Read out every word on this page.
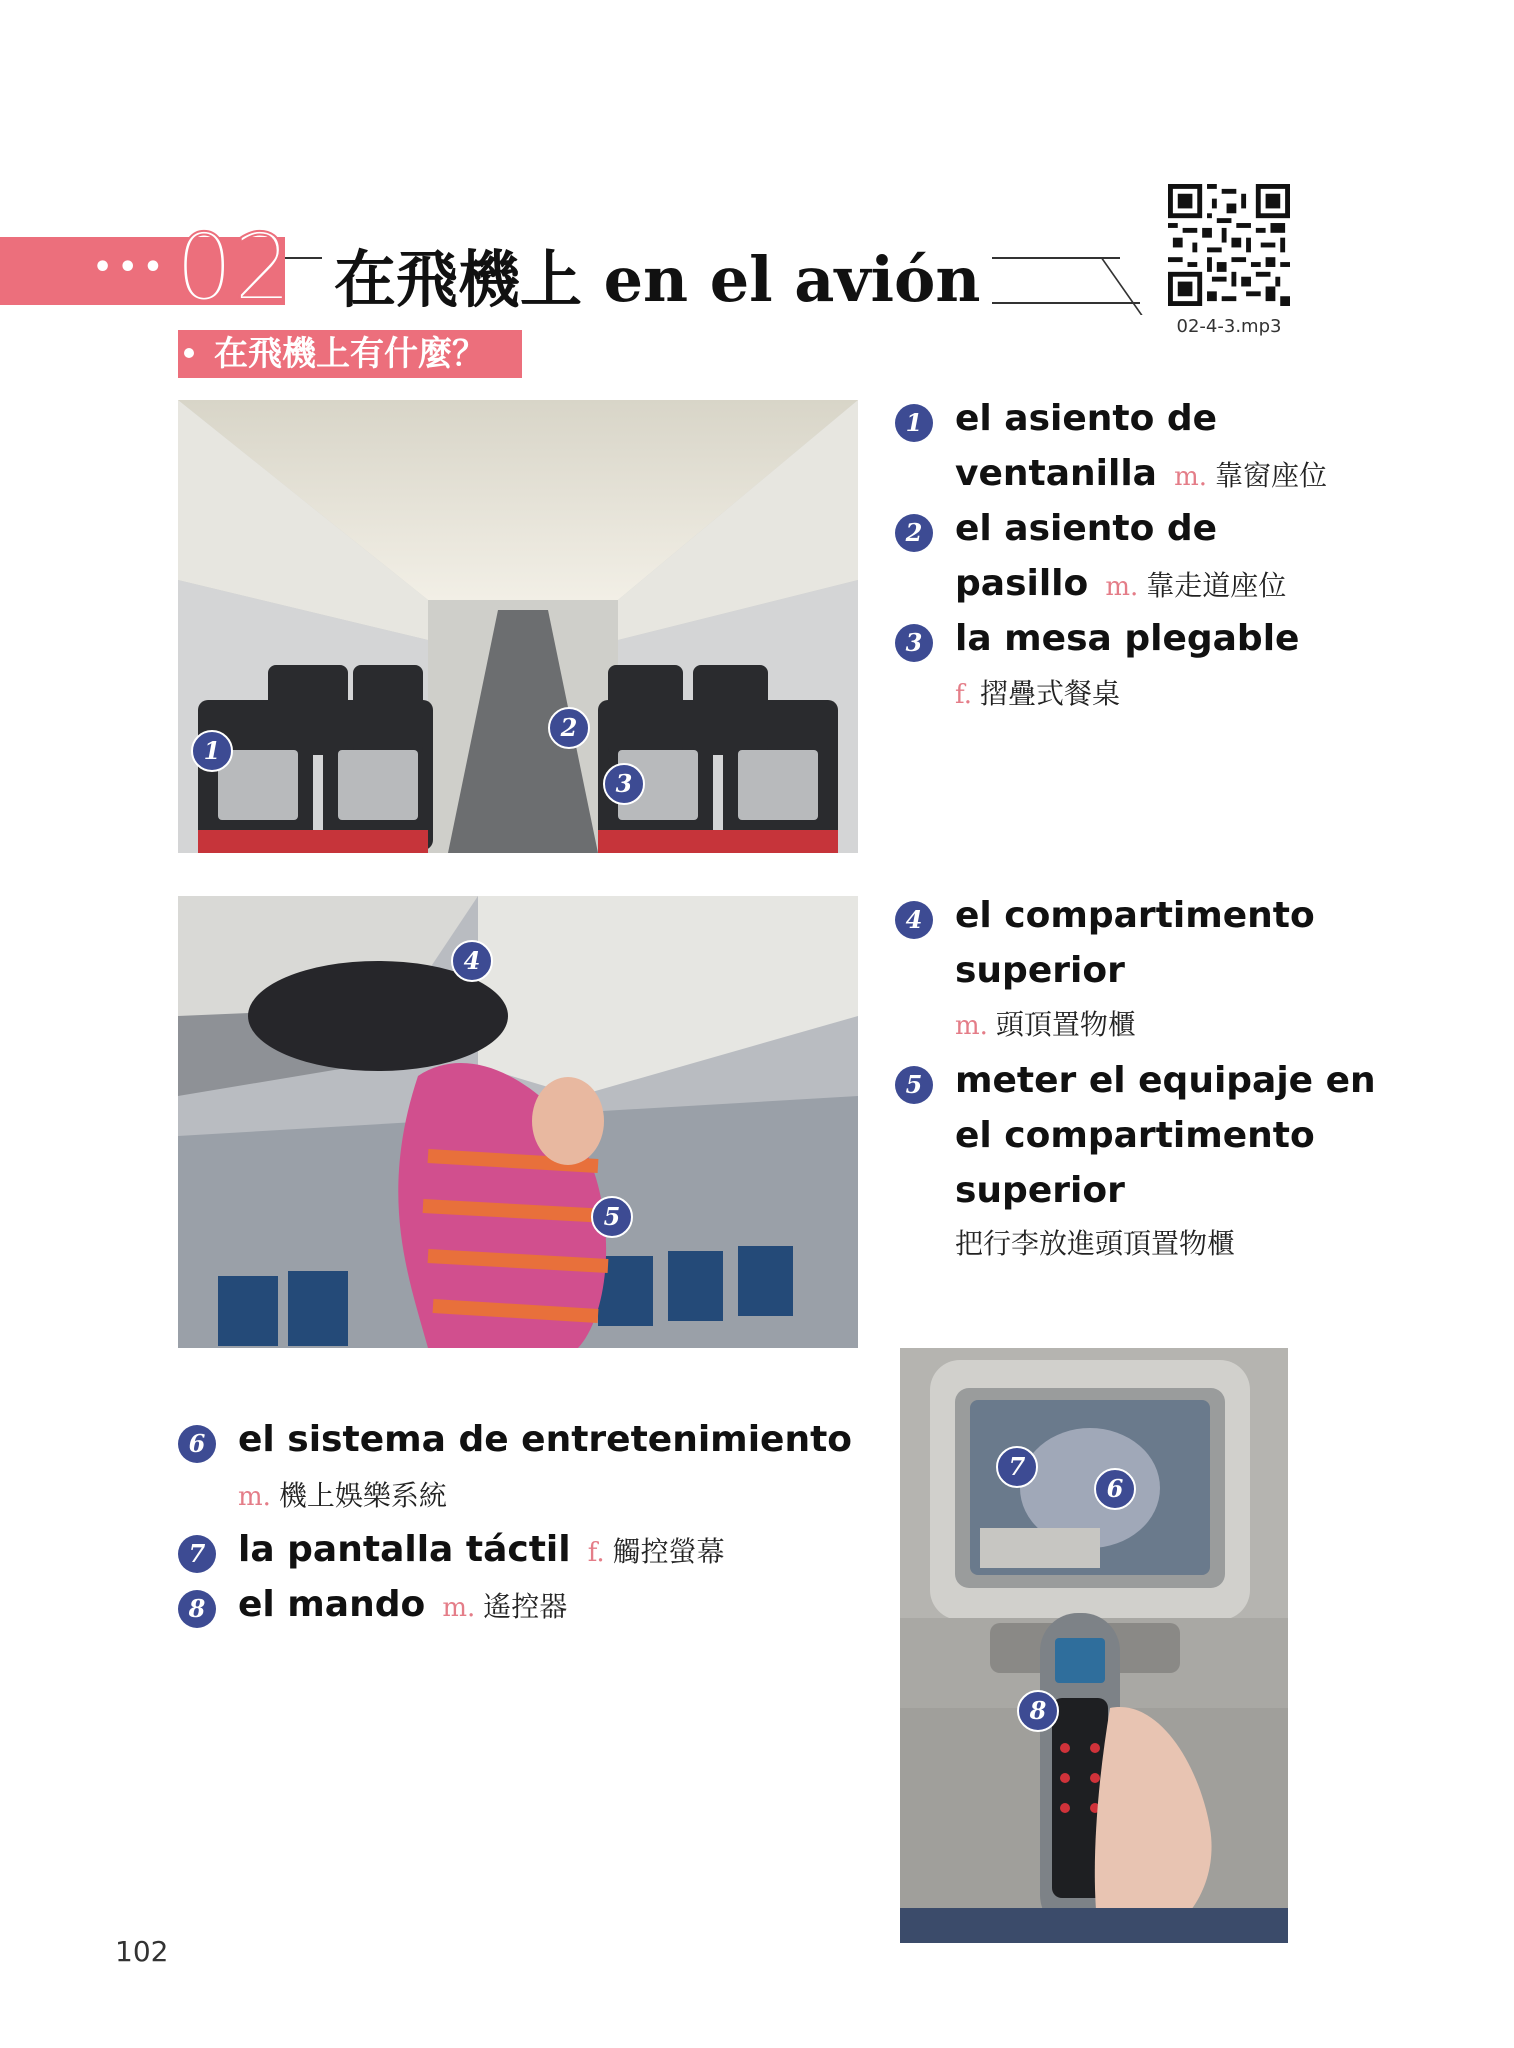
••• 02 在飛機上 en el avión
在飛機上有什麼？
02-4-3.mp3
1
2
3
4
5
7
6
8
1 el asiento de
ventanilla m. 靠窗座位
2 el asiento de
pasillo m. 靠走道座位
3 la mesa plegable
f. 摺疊式餐桌
4 el compartimento
superior
m. 頭頂置物櫃
5 meter el equipaje en
el compartimento
superior
把行李放進頭頂置物櫃
6 el sistema de entretenimiento
m. 機上娛樂系統
7 la pantalla táctil f. 觸控螢幕
8 el mando m. 遙控器
102
